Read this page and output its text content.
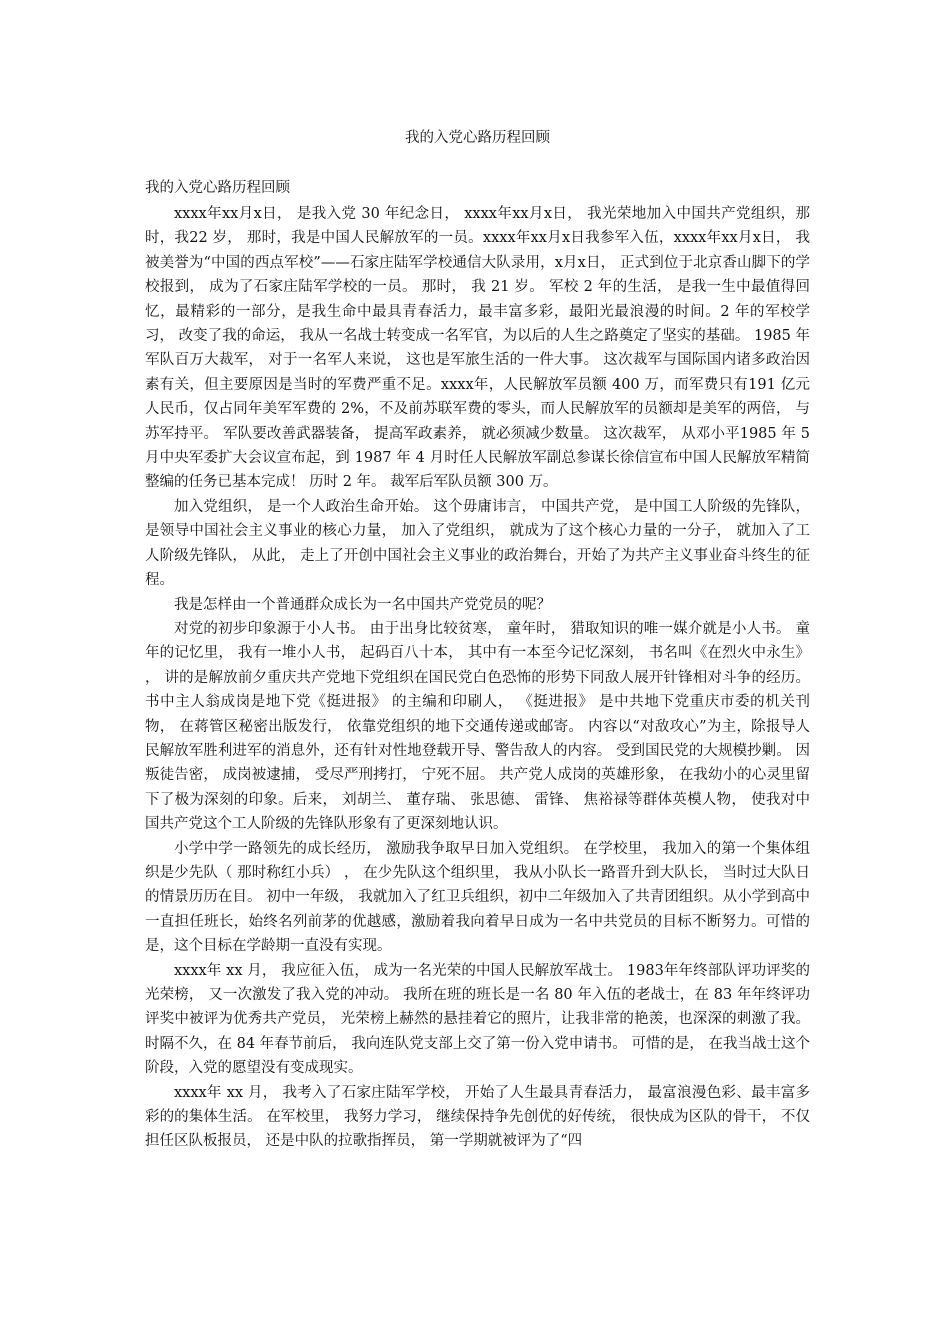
我的入党心路历程回顾
我的入党心路历程回顾

xxxx年xx月x日， 是我入党 30 年纪念日， xxxx年xx月x日， 我光荣地加入中国共产党组织，那时，我22 岁， 那时，我是中国人民解放军的一员。xxxx年xx月x日我参军入伍，xxxx年xx月x日， 我被美誉为“中国的西点军校”——石家庄陆军学校通信大队录用，x月x日， 正式到位于北京香山脚下的学校报到， 成为了石家庄陆军学校的一员。 那时， 我 21 岁。 军校 2 年的生活， 是我一生中最值得回忆，最精彩的一部分，是我生命中最具青春活力，最丰富多彩，最阳光最浪漫的时间。2 年的军校学习， 改变了我的命运， 我从一名战士转变成一名军官，为以后的人生之路奠定了坚实的基础。 1985 年军队百万大裁军， 对于一名军人来说， 这也是军旅生活的一件大事。 这次裁军与国际国内诸多政治因素有关，但主要原因是当时的军费严重不足。xxxx年，人民解放军员额 400 万，而军费只有191 亿元人民币，仅占同年美军军费的 2%，不及前苏联军费的零头，而人民解放军的员额却是美军的两倍， 与苏军持平。 军队要改善武器装备， 提高军政素养， 就必须减少数量。 这次裁军， 从邓小平1985 年 5 月中央军委扩大会议宣布起，到 1987 年 4 月时任人民解放军副总参谋长徐信宣布中国人民解放军精简整编的任务已基本完成！ 历时 2 年。 裁军后军队员额 300 万。

加入党组织， 是一个人政治生命开始。 这个毋庸讳言， 中国共产党， 是中国工人阶级的先锋队， 是领导中国社会主义事业的核心力量， 加入了党组织， 就成为了这个核心力量的一分子， 就加入了工人阶级先锋队， 从此， 走上了开创中国社会主义事业的政治舞台，开始了为共产主义事业奋斗终生的征程。

我是怎样由一个普通群众成长为一名中国共产党党员的呢？

对党的初步印象源于小人书。 由于出身比较贫寒， 童年时， 猎取知识的唯一媒介就是小人书。 童年的记忆里， 我有一堆小人书， 起码百八十本， 其中有一本至今记忆深刻， 书名叫《在烈火中永生》 ， 讲的是解放前夕重庆共产党地下党组织在国民党白色恐怖的形势下同敌人展开针锋相对斗争的经历。 书中主人翁成岗是地下党《挺进报》 的主编和印刷人， 《挺进报》 是中共地下党重庆市委的机关刊物， 在蒋管区秘密出版发行， 依靠党组织的地下交通传递或邮寄。 内容以“对敌攻心”为主，除报导人民解放军胜利进军的消息外，还有针对性地登载开导、警告敌人的内容。 受到国民党的大规模抄剿。 因叛徒告密， 成岗被逮捕， 受尽严刑拷打， 宁死不屈。 共产党人成岗的英雄形象， 在我幼小的心灵里留下了极为深刻的印象。后来， 刘胡兰、 董存瑞、 张思德、 雷锋、 焦裕禄等群体英模人物， 使我对中国共产党这个工人阶级的先锋队形象有了更深刻地认识。

小学中学一路领先的成长经历， 激励我争取早日加入党组织。 在学校里， 我加入的第一个集体组织是少先队（ 那时称红小兵） ， 在少先队这个组织里， 我从小队长一路晋升到大队长， 当时过大队日的情景历历在目。 初中一年级， 我就加入了红卫兵组织，初中二年级加入了共青团组织。从小学到高中一直担任班长，始终名列前茅的优越感，激励着我向着早日成为一名中共党员的目标不断努力。可惜的是，这个目标在学龄期一直没有实现。

xxxx年 xx 月， 我应征入伍， 成为一名光荣的中国人民解放军战士。 1983年年终部队评功评奖的光荣榜， 又一次激发了我入党的冲动。 我所在班的班长是一名 80 年入伍的老战士，在 83 年年终评功评奖中被评为优秀共产党员， 光荣榜上赫然的悬挂着它的照片，让我非常的艳羡，也深深的刺激了我。时隔不久，在 84 年春节前后， 我向连队党支部上交了第一份入党申请书。 可惜的是， 在我当战士这个阶段，入党的愿望没有变成现实。

xxxx年 xx 月， 我考入了石家庄陆军学校， 开始了人生最具青春活力， 最富浪漫色彩、最丰富多彩的的集体生活。 在军校里， 我努力学习， 继续保持争先创优的好传统， 很快成为区队的骨干， 不仅担任区队板报员， 还是中队的拉歌指挥员， 第一学期就被评为了“四
